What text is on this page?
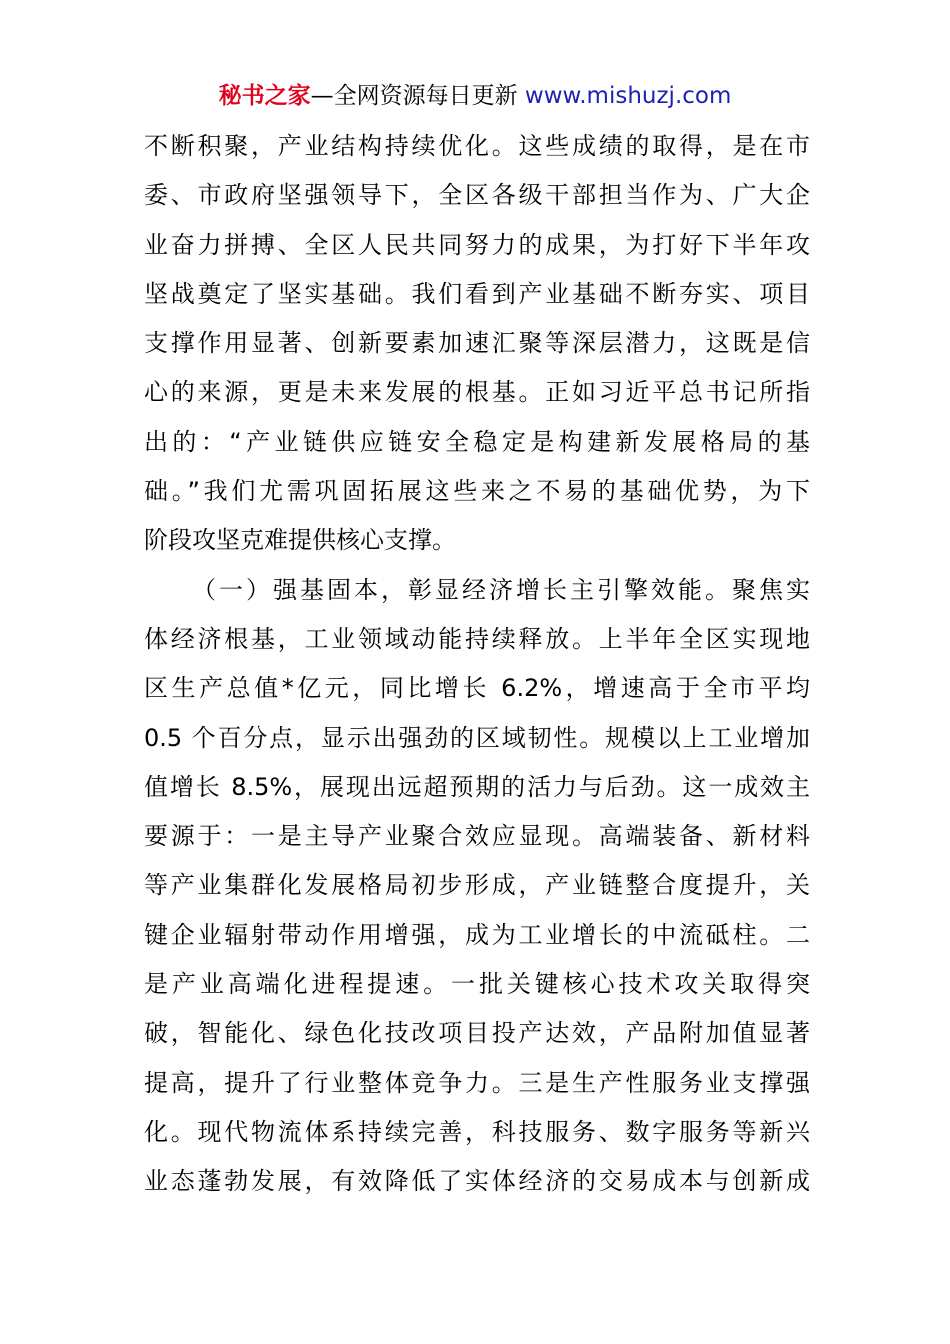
秘书之家—全网资源每日更新 www.mishuzj.com
不断积聚，产业结构持续优化。这些成绩的取得，是在市
委、市政府坚强领导下，全区各级干部担当作为、广大企
业奋力拼搏、全区人民共同努力的成果，为打好下半年攻
坚战奠定了坚实基础。我们看到产业基础不断夯实、项目
支撑作用显著、创新要素加速汇聚等深层潜力，这既是信
心的来源，更是未来发展的根基。正如习近平总书记所指
出的：“产业链供应链安全稳定是构建新发展格局的基
础。”我们尤需巩固拓展这些来之不易的基础优势，为下
阶段攻坚克难提供核心支撑。
（一）强基固本，彰显经济增长主引擎效能。聚焦实
体经济根基，工业领域动能持续释放。上半年全区实现地
区生产总值*亿元，同比增长 6.2%，增速高于全市平均
0.5 个百分点，显示出强劲的区域韧性。规模以上工业增加
值增长 8.5%，展现出远超预期的活力与后劲。这一成效主
要源于：一是主导产业聚合效应显现。高端装备、新材料
等产业集群化发展格局初步形成，产业链整合度提升，关
键企业辐射带动作用增强，成为工业增长的中流砥柱。二
是产业高端化进程提速。一批关键核心技术攻关取得突
破，智能化、绿色化技改项目投产达效，产品附加值显著
提高，提升了行业整体竞争力。三是生产性服务业支撑强
化。现代物流体系持续完善，科技服务、数字服务等新兴
业态蓬勃发展，有效降低了实体经济的交易成本与创新成
